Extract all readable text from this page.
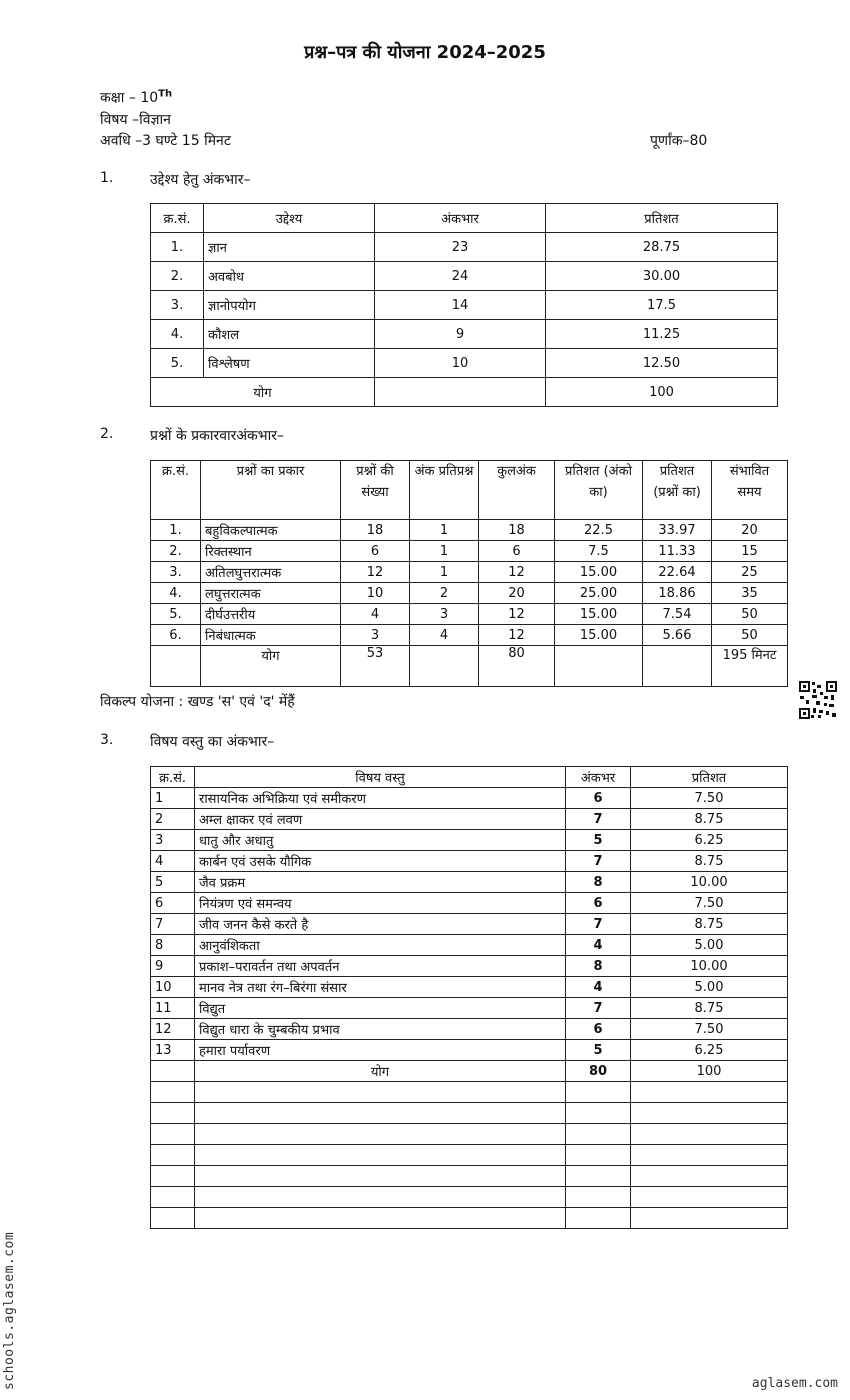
प्रश्न–पत्र की योजना 2024–2025
कक्षा – 10Th
विषय –विज्ञान
अवधि –3 घण्टे 15 मिनट	पूर्णांक–80
1.	उद्देश्य हेतु अंकभार–
क्र.सं.	उद्देश्य	अंकभार	प्रतिशत
1.	ज्ञान	23	28.75
2.	अवबोध	24	30.00
3.	ज्ञानोपयोग	14	17.5
4.	कौशल	9	11.25
5.	विश्लेषण	10	12.50
योग			100
2.	प्रश्नों के प्रकारवारअंकभार–
क्र.सं.	प्रश्नों का प्रकार	प्रश्नों की संख्या	अंक प्रतिप्रश्न	कुलअंक	प्रतिशत (अंको का)	प्रतिशत (प्रश्नों का)	संभावित समय
1.	बहुविकल्पात्मक	18	1	18	22.5	33.97	20
2.	रिक्तस्थान	6	1	6	7.5	11.33	15
3.	अतिलघुत्तरात्मक	12	1	12	15.00	22.64	25
4.	लघुत्तरात्मक	10	2	20	25.00	18.86	35
5.	दीर्घउत्तरीय	4	3	12	15.00	7.54	50
6.	निबंधात्मक	3	4	12	15.00	5.66	50
	योग	53		80			195 मिनट
विकल्प योजना : खण्ड 'स' एवं 'द' मेंहैं
3.	विषय वस्तु का अंकभार–
क्र.सं.	विषय वस्तु	अंकभर	प्रतिशत
1	रासायनिक अभिक्रिया एवं समीकरण	6	7.50
2	अम्ल क्षाकर एवं लवण	7	8.75
3	धातु और अधातु	5	6.25
4	कार्बन एवं उसके यौगिक	7	8.75
5	जैव प्रक्रम	8	10.00
6	नियंत्रण एवं समन्वय	6	7.50
7	जीव जनन कैसे करते है	7	8.75
8	आनुवंशिकता	4	5.00
9	प्रकाश–परावर्तन तथा अपवर्तन	8	10.00
10	मानव नेत्र तथा रंग–बिरंगा संसार	4	5.00
11	विद्युत	7	8.75
12	विद्युत धारा के चुम्बकीय प्रभाव	6	7.50
13	हमारा पर्यावरण	5	6.25
	योग	80	100

schools.aglasem.com	aglasem.com
